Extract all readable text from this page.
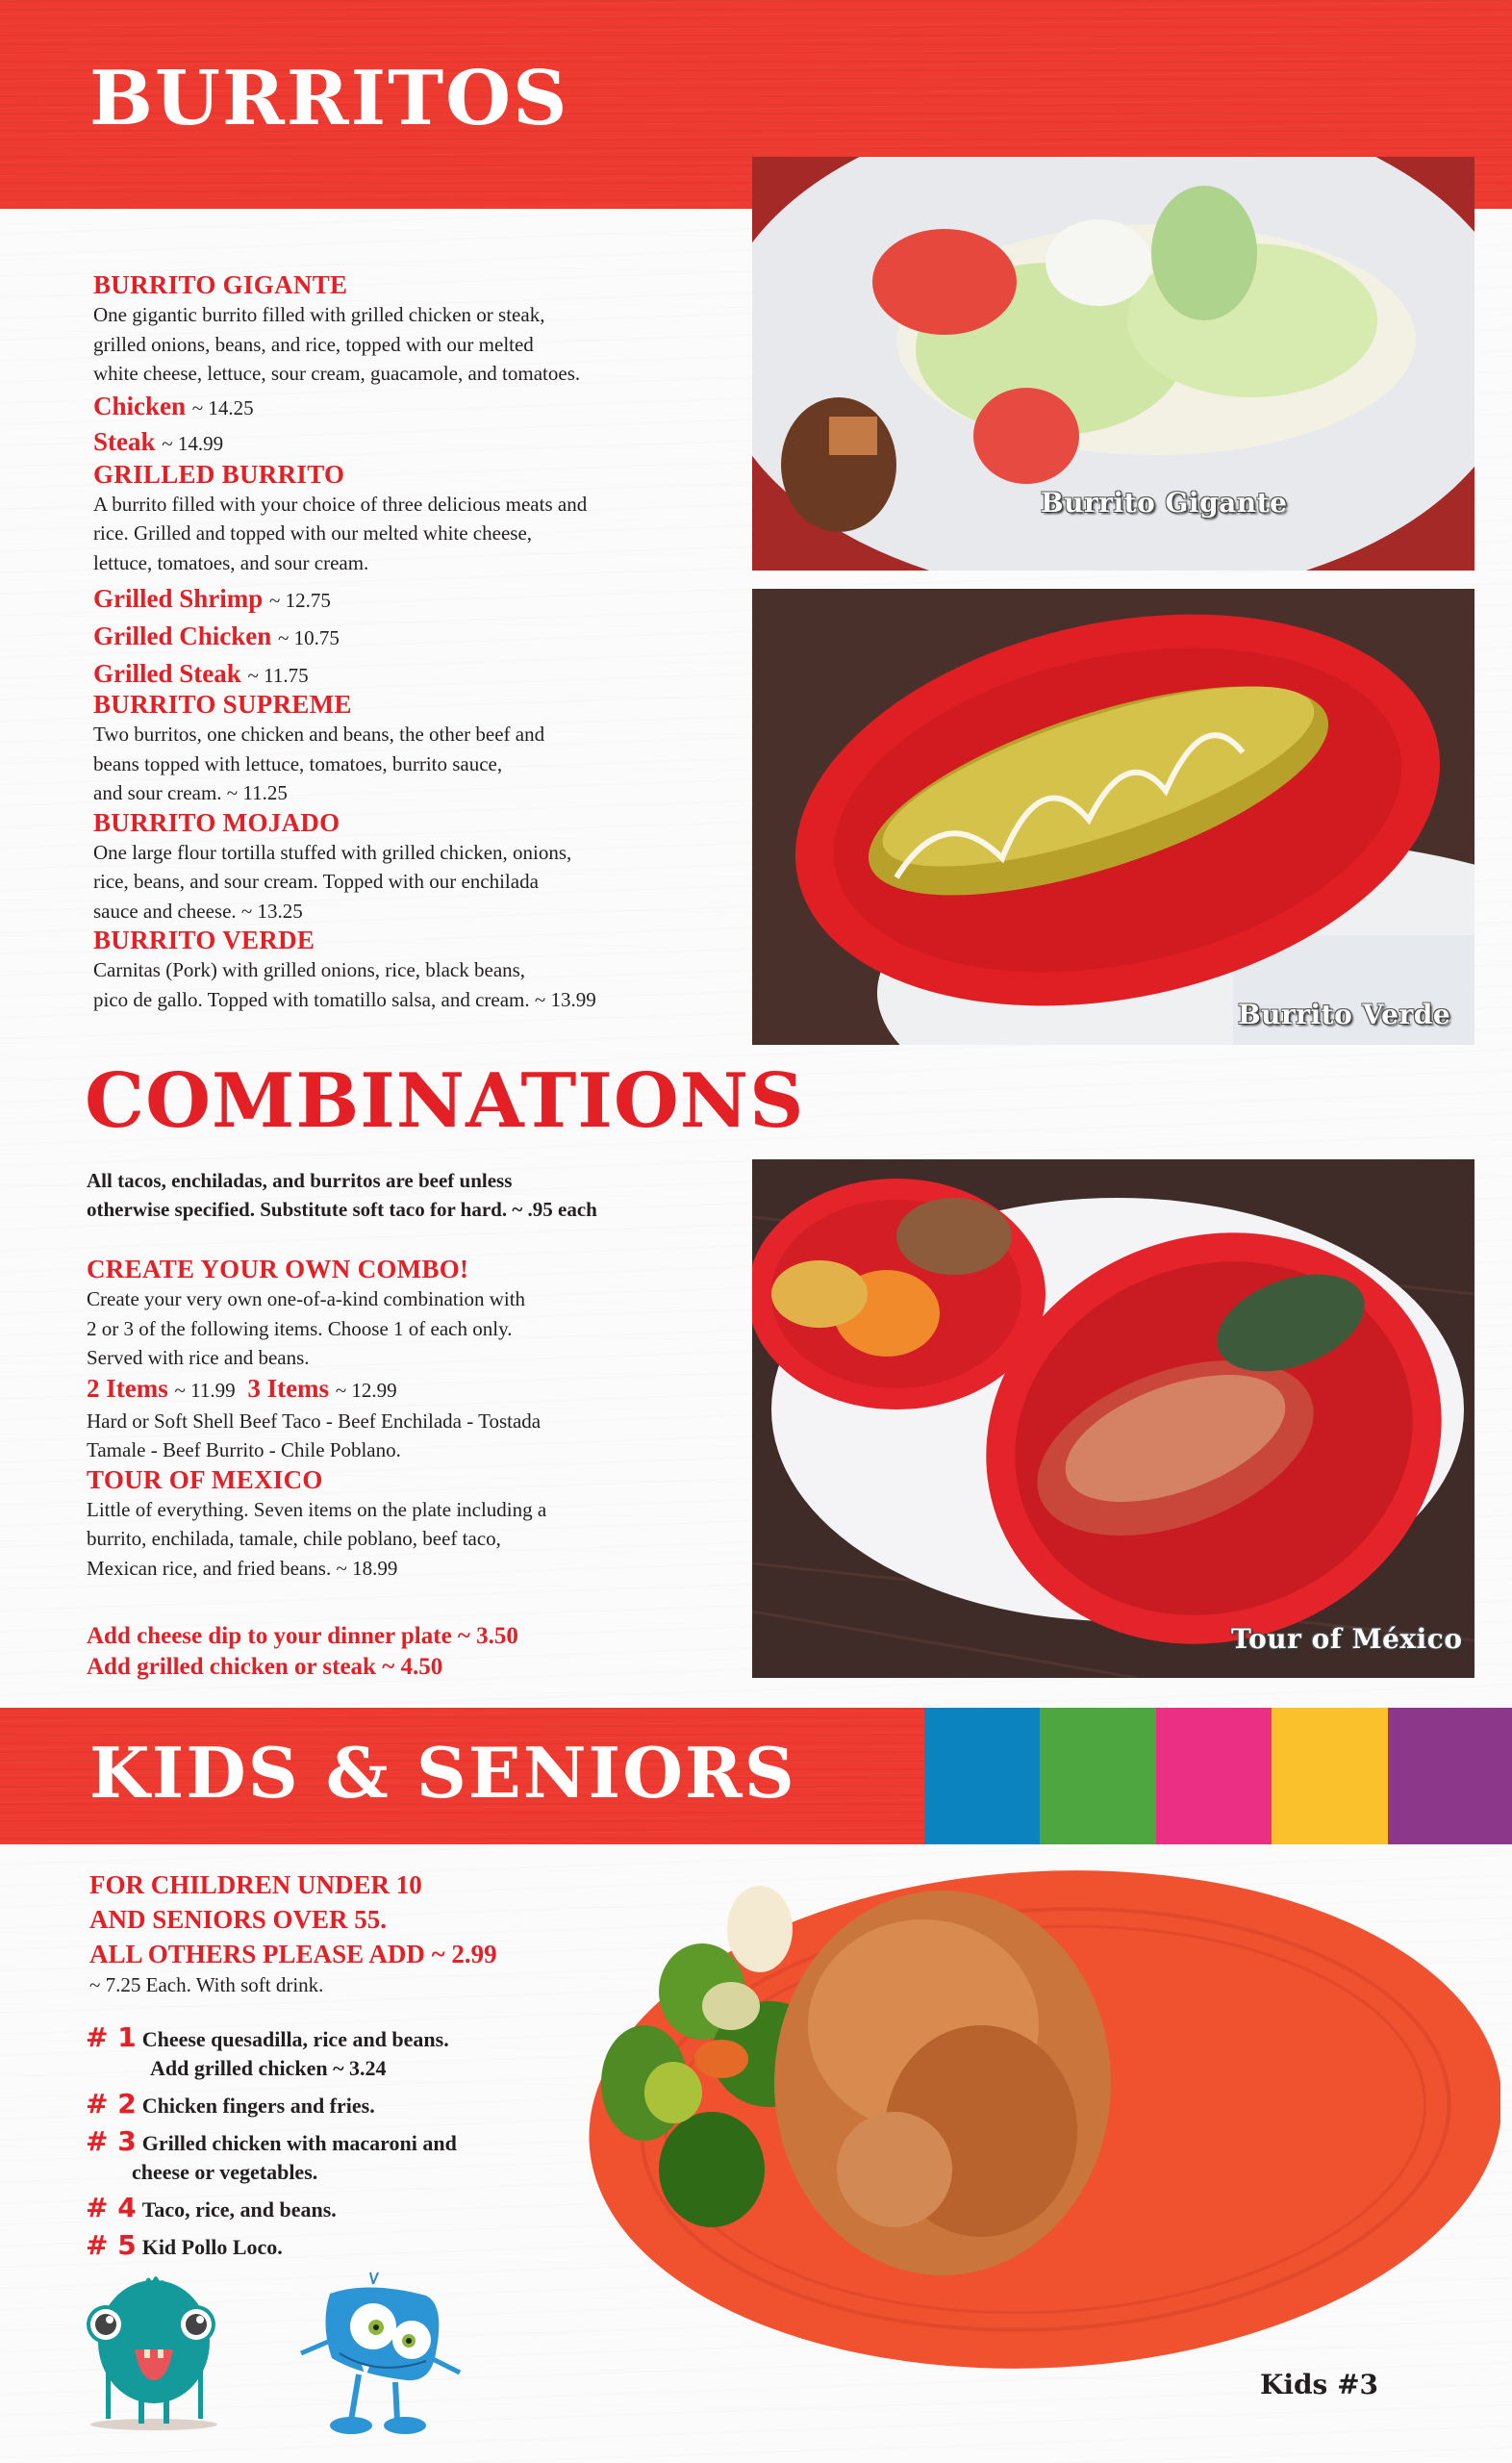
BURRITOS
BURRITO GIGANTE
One gigantic burrito filled with grilled chicken or steak,
grilled onions, beans, and rice, topped with our melted
white cheese, lettuce, sour cream, guacamole, and tomatoes.
Chicken ~ 14.25
Steak ~ 14.99
GRILLED BURRITO
A burrito filled with your choice of three delicious meats and
rice. Grilled and topped with our melted white cheese,
lettuce, tomatoes, and sour cream.
Grilled Shrimp ~ 12.75
Grilled Chicken ~ 10.75
Grilled Steak ~ 11.75
BURRITO SUPREME
Two burritos, one chicken and beans, the other beef and
beans topped with lettuce, tomatoes, burrito sauce,
and sour cream. ~ 11.25
BURRITO MOJADO
One large flour tortilla stuffed with grilled chicken, onions,
rice, beans, and sour cream. Topped with our enchilada
sauce and cheese. ~ 13.25
BURRITO VERDE
Carnitas (Pork) with grilled onions, rice, black beans,
pico de gallo. Topped with tomatillo salsa, and cream. ~ 13.99
Burrito Gigante
Burrito Verde
COMBINATIONS
All tacos, enchiladas, and burritos are beef unless
otherwise specified. Substitute soft taco for hard. ~ .95 each
CREATE YOUR OWN COMBO!
Create your very own one-of-a-kind combination with
2 or 3 of the following items. Choose 1 of each only.
Served with rice and beans.
2 Items ~ 11.99 3 Items ~ 12.99
Hard or Soft Shell Beef Taco - Beef Enchilada - Tostada
Tamale - Beef Burrito - Chile Poblano.
TOUR OF MEXICO
Little of everything. Seven items on the plate including a
burrito, enchilada, tamale, chile poblano, beef taco,
Mexican rice, and fried beans. ~ 18.99
Add cheese dip to your dinner plate ~ 3.50
Add grilled chicken or steak ~ 4.50
Tour of México
KIDS & SENIORS
FOR CHILDREN UNDER 10
AND SENIORS OVER 55.
ALL OTHERS PLEASE ADD ~ 2.99
~ 7.25 Each. With soft drink.
# 1 Cheese quesadilla, rice and beans.
Add grilled chicken ~ 3.24
# 2 Chicken fingers and fries.
# 3 Grilled chicken with macaroni and
cheese or vegetables.
# 4 Taco, rice, and beans.
# 5 Kid Pollo Loco.
Kids #3
